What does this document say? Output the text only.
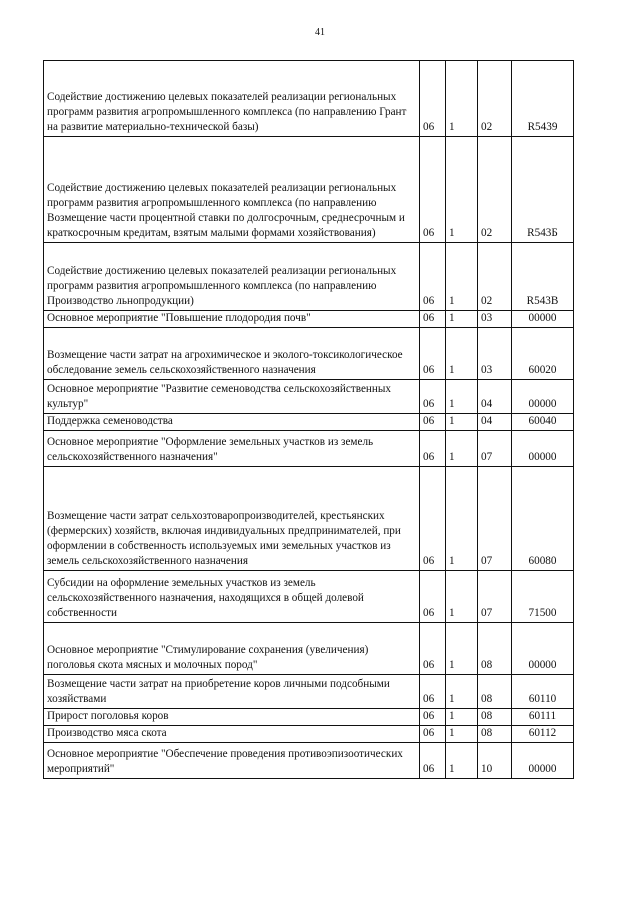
41
Содействие достижению целевых показателей реализации региональных программ развития агропромышленного комплекса (по направлению Грант на развитие материально-технической базы)	06	1	02	R5439
Содействие достижению целевых показателей реализации региональных программ развития агропромышленного комплекса (по направлению Возмещение части процентной ставки по долгосрочным, среднесрочным и краткосрочным кредитам, взятым малыми формами хозяйствования)	06	1	02	R543Б
Содействие достижению целевых показателей реализации региональных программ развития агропромышленного комплекса (по направлению Производство льнопродукции)	06	1	02	R543В
Основное мероприятие "Повышение плодородия почв"	06	1	03	00000
Возмещение части затрат на агрохимическое и эколого-токсикологическое обследование земель сельскохозяйственного назначения	06	1	03	60020
Основное мероприятие "Развитие семеноводства сельскохозяйственных культур"	06	1	04	00000
Поддержка семеноводства	06	1	04	60040
Основное мероприятие "Оформление земельных участков из земель сельскохозяйственного назначения"	06	1	07	00000
Возмещение части затрат сельхозтоваропроизводителей, крестьянских (фермерских) хозяйств, включая индивидуальных предпринимателей, при оформлении в собственность используемых ими земельных участков из земель сельскохозяйственного назначения	06	1	07	60080
Субсидии на оформление земельных участков из земель сельскохозяйственного назначения, находящихся в общей долевой собственности	06	1	07	71500
Основное мероприятие "Стимулирование сохранения (увеличения) поголовья скота мясных и молочных пород"	06	1	08	00000
Возмещение части затрат на приобретение коров личными подсобными хозяйствами	06	1	08	60110
Прирост поголовья коров	06	1	08	60111
Производство мяса скота	06	1	08	60112
Основное мероприятие "Обеспечение проведения противоэпизоотических мероприятий"	06	1	10	00000
